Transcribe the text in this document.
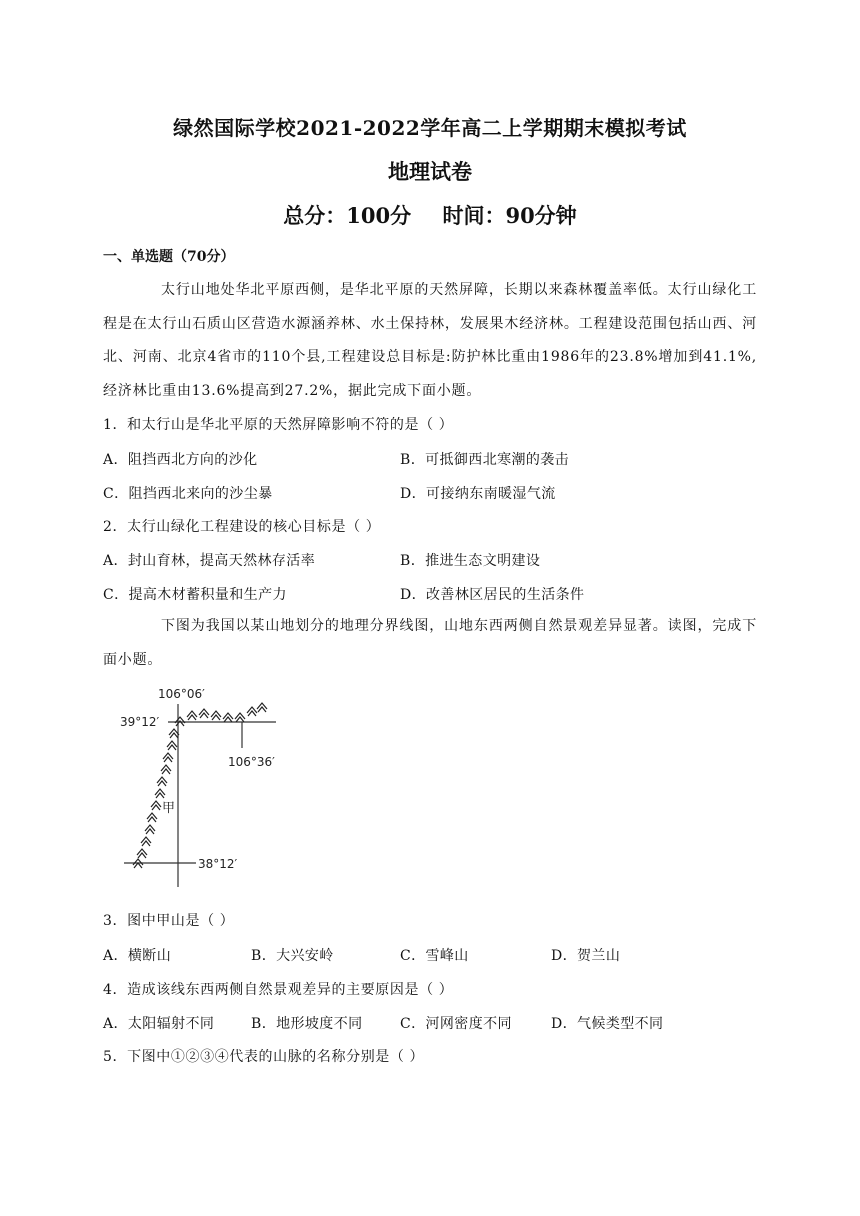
绿然国际学校2021-2022学年高二上学期期末模拟考试
地理试卷
总分：100分 时间：90分钟
一、单选题（70分）
太行山地处华北平原西侧，是华北平原的天然屏障，长期以来森林覆盖率低。太行山绿化工程是在太行山石质山区营造水源涵养林、水土保持林，发展果木经济林。工程建设范围包括山西、河北、河南、北京4省市的110个县,工程建设总目标是:防护林比重由1986年的23.8%增加到41.1%,经济林比重由13.6%提高到27.2%，据此完成下面小题。
1．和太行山是华北平原的天然屏障影响不符的是（ ）
A．阻挡西北方向的沙化	B．可抵御西北寒潮的袭击
C．阻挡西北来向的沙尘暴	D．可接纳东南暖湿气流
2．太行山绿化工程建设的核心目标是（ ）
A．封山育林，提高天然林存活率	B．推进生态文明建设
C．提高木材蓄积量和生产力	D．改善林区居民的生活条件
下图为我国以某山地划分的地理分界线图，山地东西两侧自然景观差异显著。读图，完成下面小题。
106°06′
39°12′
106°36′
38°12′
甲
3．图中甲山是（ ）
A．横断山	B．大兴安岭	C．雪峰山	D．贺兰山
4．造成该线东西两侧自然景观差异的主要原因是（ ）
A．太阳辐射不同	B．地形坡度不同	C．河网密度不同	D．气候类型不同
5．下图中①②③④代表的山脉的名称分别是（ ）
